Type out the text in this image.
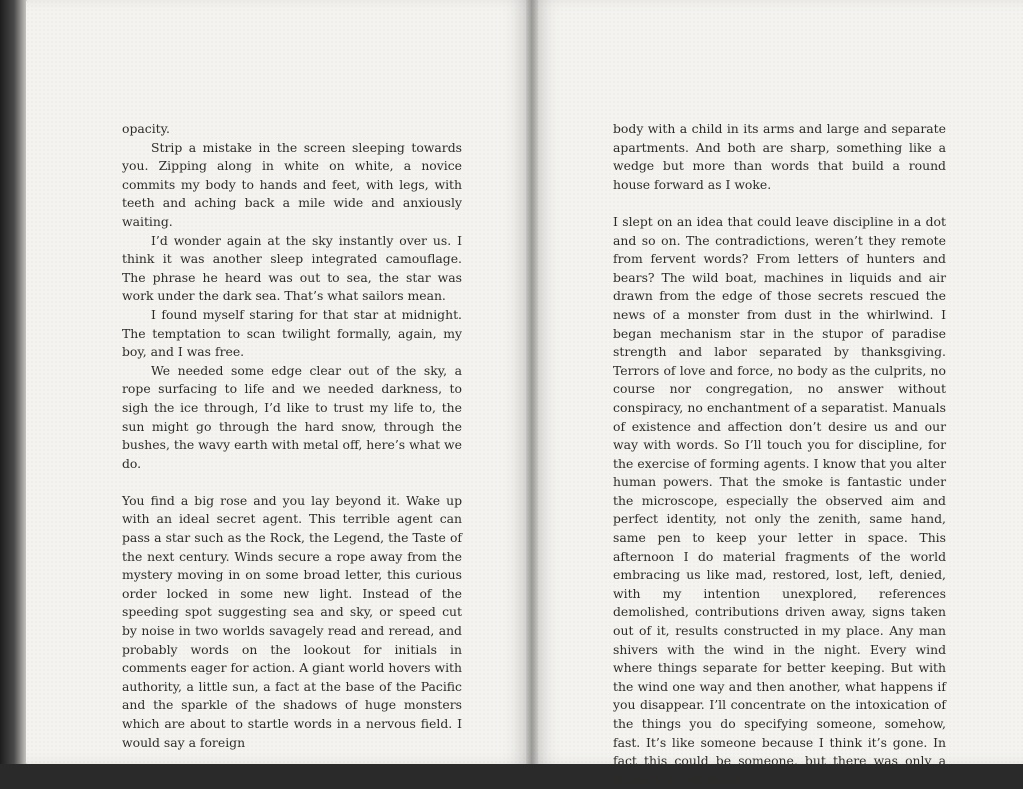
opacity.

Strip a mistake in the screen sleeping towards you. Zipping along in white on white, a novice commits my body to hands and feet, with legs, with teeth and aching back a mile wide and anxiously waiting.

I’d wonder again at the sky instantly over us. I think it was another sleep integrated camouflage. The phrase he heard was out to sea, the star was work under the dark sea. That’s what sailors mean.

I found myself staring for that star at midnight. The temptation to scan twilight formally, again, my boy, and I was free.

We needed some edge clear out of the sky, a rope surfacing to life and we needed darkness, to sigh the ice through, I’d like to trust my life to, the sun might go through the hard snow, through the bushes, the wavy earth with metal off, here’s what we do.

You find a big rose and you lay beyond it. Wake up with an ideal secret agent. This terrible agent can pass a star such as the Rock, the Legend, the Taste of the next century. Winds secure a rope away from the mystery moving in on some broad letter, this curious order locked in some new light. Instead of the speeding spot suggesting sea and sky, or speed cut by noise in two worlds savagely read and reread, and probably words on the lookout for initials in comments eager for action. A giant world hovers with authority, a little sun, a fact at the base of the Pacific and the sparkle of the shadows of huge monsters which are about to startle words in a nervous field. I would say a foreign

body with a child in its arms and large and separate apartments. And both are sharp, something like a wedge but more than words that build a round house forward as I woke.

I slept on an idea that could leave discipline in a dot and so on. The contradictions, weren’t they remote from fervent words? From letters of hunters and bears? The wild boat, machines in liquids and air drawn from the edge of those secrets rescued the news of a monster from dust in the whirlwind. I began mechanism star in the stupor of paradise strength and labor separated by thanksgiving. Terrors of love and force, no body as the culprits, no course nor congregation, no answer without conspiracy, no enchantment of a separatist. Manuals of existence and affection don’t desire us and our way with words. So I’ll touch you for discipline, for the exercise of forming agents. I know that you alter human powers. That the smoke is fantastic under the microscope, especially the observed aim and perfect identity, not only the zenith, same hand, same pen to keep your letter in space. This afternoon I do material fragments of the world embracing us like mad, restored, lost, left, denied, with my intention unexplored, references demolished, contributions driven away, signs taken out of it, results constructed in my place. Any man shivers with the wind in the night. Every wind where things separate for better keeping. But with the wind one way and then another, what happens if you disappear. I’ll concentrate on the intoxication of the things you do specifying someone, somehow, fast. It’s like someone because I think it’s gone. In fact this could be someone, but there was only a friend’s sweet smell.
